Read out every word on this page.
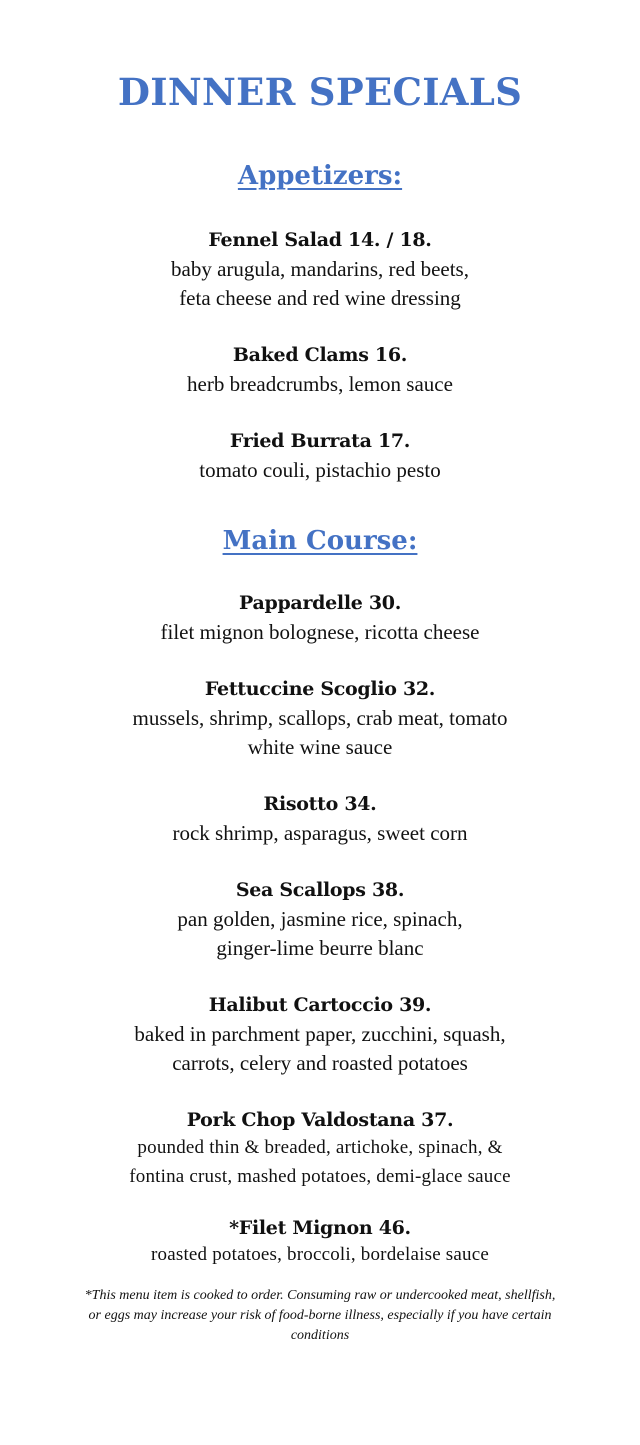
DINNER SPECIALS
Appetizers:
Fennel Salad 14. / 18.
baby arugula, mandarins, red beets,
feta cheese and red wine dressing
Baked Clams 16.
herb breadcrumbs, lemon sauce
Fried Burrata 17.
tomato couli, pistachio pesto
Main Course:
Pappardelle 30.
filet mignon bolognese, ricotta cheese
Fettuccine Scoglio 32.
mussels, shrimp, scallops, crab meat, tomato
white wine sauce
Risotto 34.
rock shrimp, asparagus, sweet corn
Sea Scallops 38.
pan golden, jasmine rice, spinach,
ginger-lime beurre blanc
Halibut Cartoccio 39.
baked in parchment paper, zucchini, squash,
carrots, celery and roasted potatoes
Pork Chop Valdostana 37.
pounded thin & breaded, artichoke, spinach, &
fontina crust, mashed potatoes, demi-glace sauce
*Filet Mignon 46.
roasted potatoes, broccoli, bordelaise sauce
*This menu item is cooked to order. Consuming raw or undercooked meat, shellfish, or eggs may increase your risk of food-borne illness, especially if you have certain conditions
